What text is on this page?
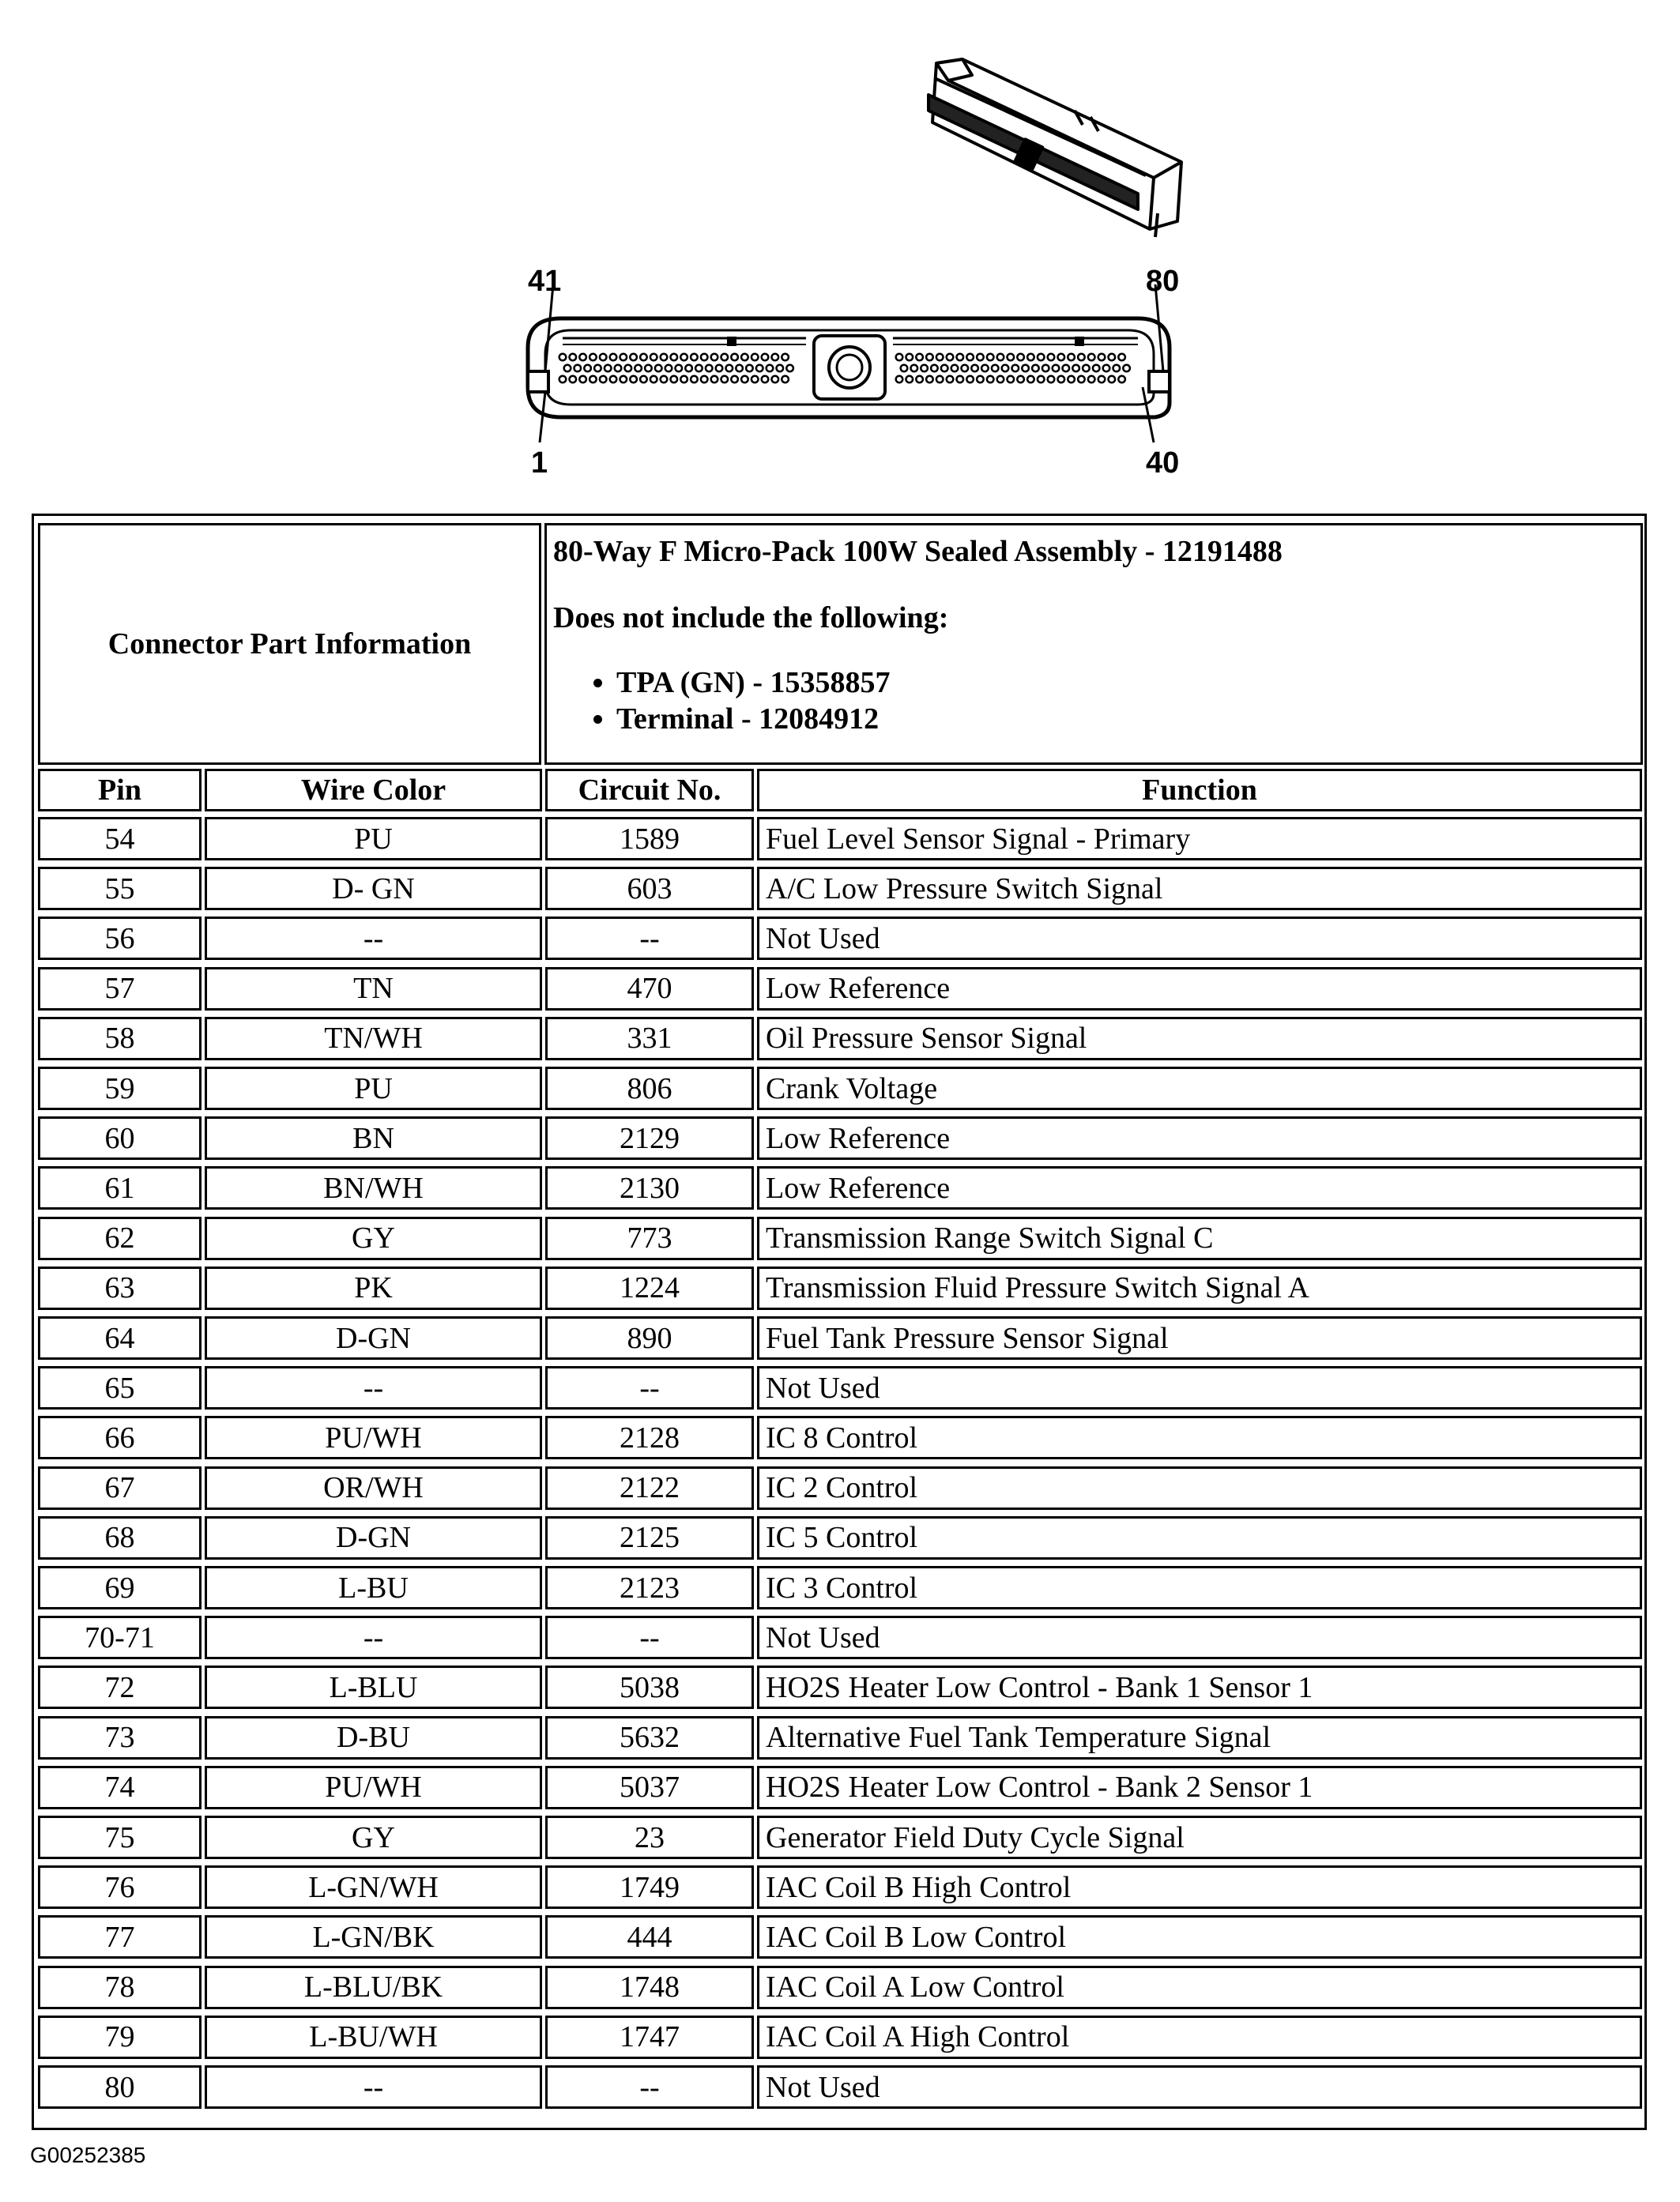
41	80
1	40
Connector Part Information
80-Way F Micro-Pack 100W Sealed Assembly - 12191488
Does not include the following:
• TPA (GN) - 15358857
• Terminal - 12084912
Pin	Wire Color	Circuit No.	Function
54	PU	1589	Fuel Level Sensor Signal - Primary
55	D- GN	603	A/C Low Pressure Switch Signal
56	--	--	Not Used
57	TN	470	Low Reference
58	TN/WH	331	Oil Pressure Sensor Signal
59	PU	806	Crank Voltage
60	BN	2129	Low Reference
61	BN/WH	2130	Low Reference
62	GY	773	Transmission Range Switch Signal C
63	PK	1224	Transmission Fluid Pressure Switch Signal A
64	D-GN	890	Fuel Tank Pressure Sensor Signal
65	--	--	Not Used
66	PU/WH	2128	IC 8 Control
67	OR/WH	2122	IC 2 Control
68	D-GN	2125	IC 5 Control
69	L-BU	2123	IC 3 Control
70-71	--	--	Not Used
72	L-BLU	5038	HO2S Heater Low Control - Bank 1 Sensor 1
73	D-BU	5632	Alternative Fuel Tank Temperature Signal
74	PU/WH	5037	HO2S Heater Low Control - Bank 2 Sensor 1
75	GY	23	Generator Field Duty Cycle Signal
76	L-GN/WH	1749	IAC Coil B High Control
77	L-GN/BK	444	IAC Coil B Low Control
78	L-BLU/BK	1748	IAC Coil A Low Control
79	L-BU/WH	1747	IAC Coil A High Control
80	--	--	Not Used
G00252385
